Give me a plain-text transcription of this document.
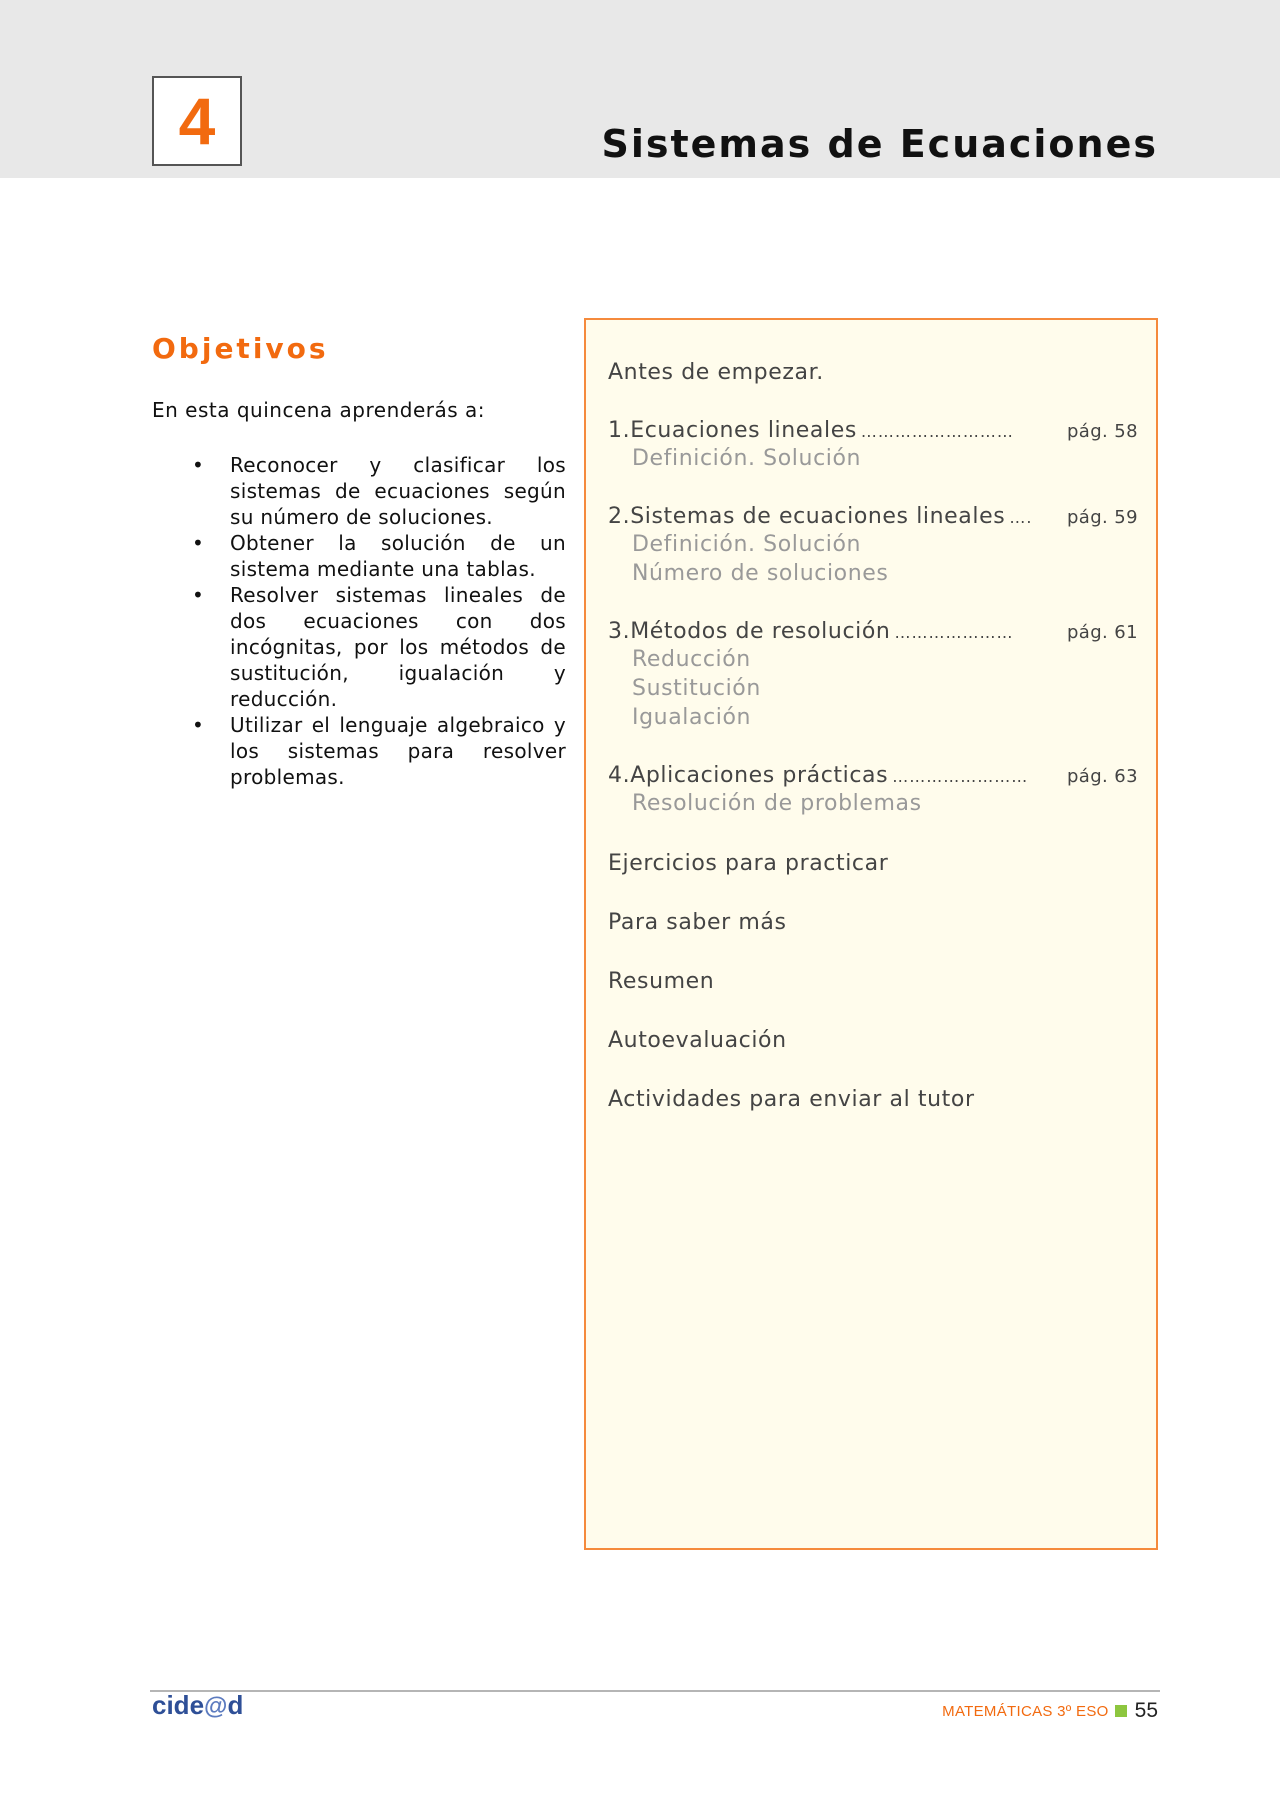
4	Sistemas de Ecuaciones
Objetivos
En esta quincena aprenderás a:
• Reconocer y clasificar los sistemas de ecuaciones según su número de soluciones.
• Obtener la solución de un sistema mediante una tablas.
• Resolver sistemas lineales de dos ecuaciones con dos incógnitas, por los métodos de sustitución, igualación y reducción.
• Utilizar el lenguaje algebraico y los sistemas para resolver problemas.
Antes de empezar.
1.Ecuaciones lineales ………………………	pág. 58
Definición. Solución
2.Sistemas de ecuaciones lineales ….	pág. 59
Definición. Solución
Número de soluciones
3.Métodos de resolución …………………	pág. 61
Reducción
Sustitución
Igualación
4.Aplicaciones prácticas ……………………	pág. 63
Resolución de problemas
Ejercicios para practicar
Para saber más
Resumen
Autoevaluación
Actividades para enviar al tutor
cide@d	MATEMÁTICAS 3º ESO 55
